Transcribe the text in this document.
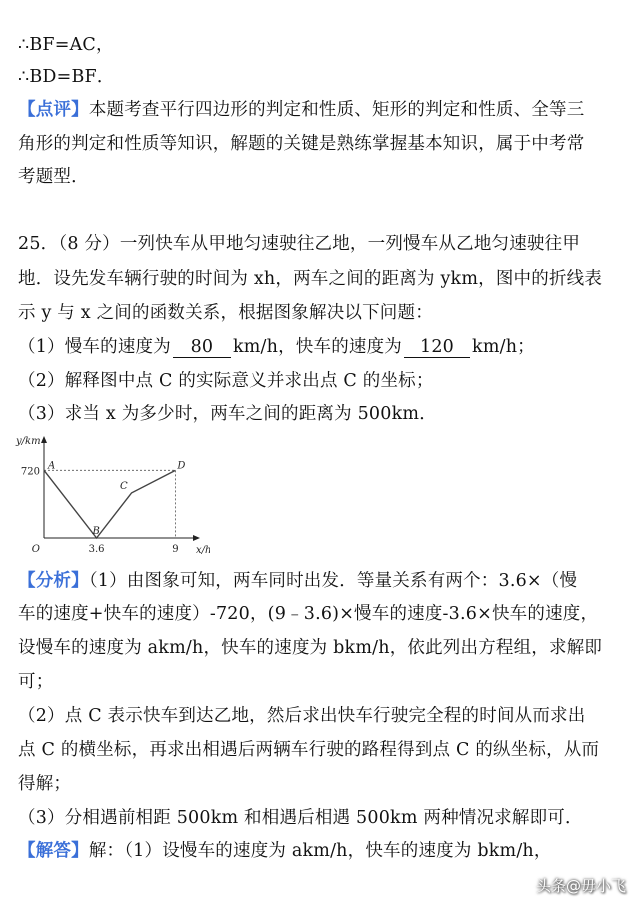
∴BF=AC，
∴BD=BF．
【点评】本题考查平行四边形的判定和性质、矩形的判定和性质、全等三
角形的判定和性质等知识，解题的关键是熟练掌握基本知识，属于中考常
考题型．
25．（8 分）一列快车从甲地匀速驶往乙地，一列慢车从乙地匀速驶往甲
地．设先发车辆行驶的时间为 xh，两车之间的距离为 ykm，图中的折线表
示 y 与 x 之间的函数关系，根据图象解决以下问题：
（1）慢车的速度为 80 km/h，快车的速度为 120 km/h；
（2）解释图中点 C 的实际意义并求出点 C 的坐标；
（3）求当 x 为多少时，两车之间的距离为 500km．
y/km
x/h
O
720
3.6	9
A
B
C
D
【分析】（1）由图象可知，两车同时出发．等量关系有两个：3.6×（慢
车的速度+快车的速度）-720，(9﹣3.6)×慢车的速度-3.6×快车的速度，
设慢车的速度为 akm/h，快车的速度为 bkm/h，依此列出方程组，求解即
可；
（2）点 C 表示快车到达乙地，然后求出快车行驶完全程的时间从而求出
点 C 的横坐标，再求出相遇后两辆车行驶的路程得到点 C 的纵坐标，从而
得解；
（3）分相遇前相距 500km 和相遇后相遇 500km 两种情况求解即可．
【解答】解：（1）设慢车的速度为 akm/h，快车的速度为 bkm/h，
头条@毋小飞
